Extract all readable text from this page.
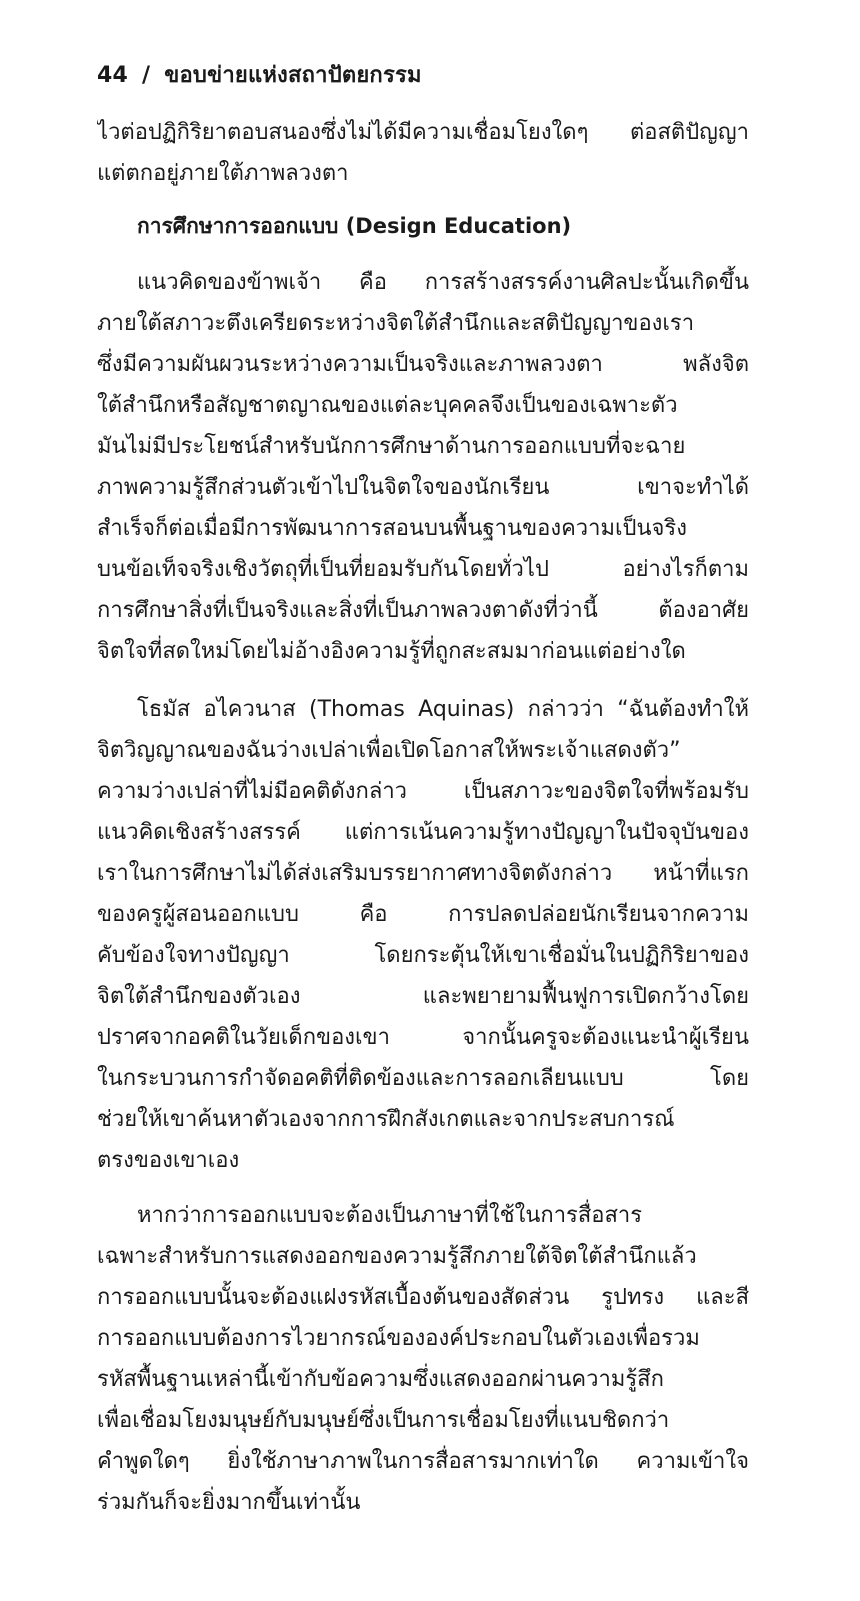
44 / ขอบข่ายแห่งสถาปัตยกรรม
ไวต่อปฏิกิริยาตอบสนองซึ่งไม่ได้มีความเชื่อมโยงใดๆ ต่อสติปัญญา
แต่ตกอยู่ภายใต้ภาพลวงตา
การศึกษาการออกแบบ (Design Education)
แนวคิดของข้าพเจ้า คือ การสร้างสรรค์งานศิลปะนั้นเกิดขึ้น
ภายใต้สภาวะตึงเครียดระหว่างจิตใต้สำนึกและสติปัญญาของเรา
ซึ่งมีความผันผวนระหว่างความเป็นจริงและภาพลวงตา พลังจิต
ใต้สำนึกหรือสัญชาตญาณของแต่ละบุคคลจึงเป็นของเฉพาะตัว
มันไม่มีประโยชน์สำหรับนักการศึกษาด้านการออกแบบที่จะฉาย
ภาพความรู้สึกส่วนตัวเข้าไปในจิตใจของนักเรียน เขาจะทำได้
สำเร็จก็ต่อเมื่อมีการพัฒนาการสอนบนพื้นฐานของความเป็นจริง
บนข้อเท็จจริงเชิงวัตถุที่เป็นที่ยอมรับกันโดยทั่วไป อย่างไรก็ตาม
การศึกษาสิ่งที่เป็นจริงและสิ่งที่เป็นภาพลวงตาดังที่ว่านี้ ต้องอาศัย
จิตใจที่สดใหม่โดยไม่อ้างอิงความรู้ที่ถูกสะสมมาก่อนแต่อย่างใด
โธมัส อไควนาส (Thomas Aquinas) กล่าวว่า “ฉันต้องทำให้
จิตวิญญาณของฉันว่างเปล่าเพื่อเปิดโอกาสให้พระเจ้าแสดงตัว”
ความว่างเปล่าที่ไม่มีอคติดังกล่าว เป็นสภาวะของจิตใจที่พร้อมรับ
แนวคิดเชิงสร้างสรรค์ แต่การเน้นความรู้ทางปัญญาในปัจจุบันของ
เราในการศึกษาไม่ได้ส่งเสริมบรรยากาศทางจิตดังกล่าว หน้าที่แรก
ของครูผู้สอนออกแบบ คือ การปลดปล่อยนักเรียนจากความ
คับข้องใจทางปัญญา โดยกระตุ้นให้เขาเชื่อมั่นในปฏิกิริยาของ
จิตใต้สำนึกของตัวเอง และพยายามฟื้นฟูการเปิดกว้างโดย
ปราศจากอคติในวัยเด็กของเขา จากนั้นครูจะต้องแนะนำผู้เรียน
ในกระบวนการกำจัดอคติที่ติดข้องและการลอกเลียนแบบ โดย
ช่วยให้เขาค้นหาตัวเองจากการฝึกสังเกตและจากประสบการณ์
ตรงของเขาเอง
หากว่าการออกแบบจะต้องเป็นภาษาที่ใช้ในการสื่อสาร
เฉพาะสำหรับการแสดงออกของความรู้สึกภายใต้จิตใต้สำนึกแล้ว
การออกแบบนั้นจะต้องแฝงรหัสเบื้องต้นของสัดส่วน รูปทรง และสี
การออกแบบต้องการไวยากรณ์ขององค์ประกอบในตัวเองเพื่อรวม
รหัสพื้นฐานเหล่านี้เข้ากับข้อความซึ่งแสดงออกผ่านความรู้สึก
เพื่อเชื่อมโยงมนุษย์กับมนุษย์ซึ่งเป็นการเชื่อมโยงที่แนบชิดกว่า
คำพูดใดๆ ยิ่งใช้ภาษาภาพในการสื่อสารมากเท่าใด ความเข้าใจ
ร่วมกันก็จะยิ่งมากขึ้นเท่านั้น
